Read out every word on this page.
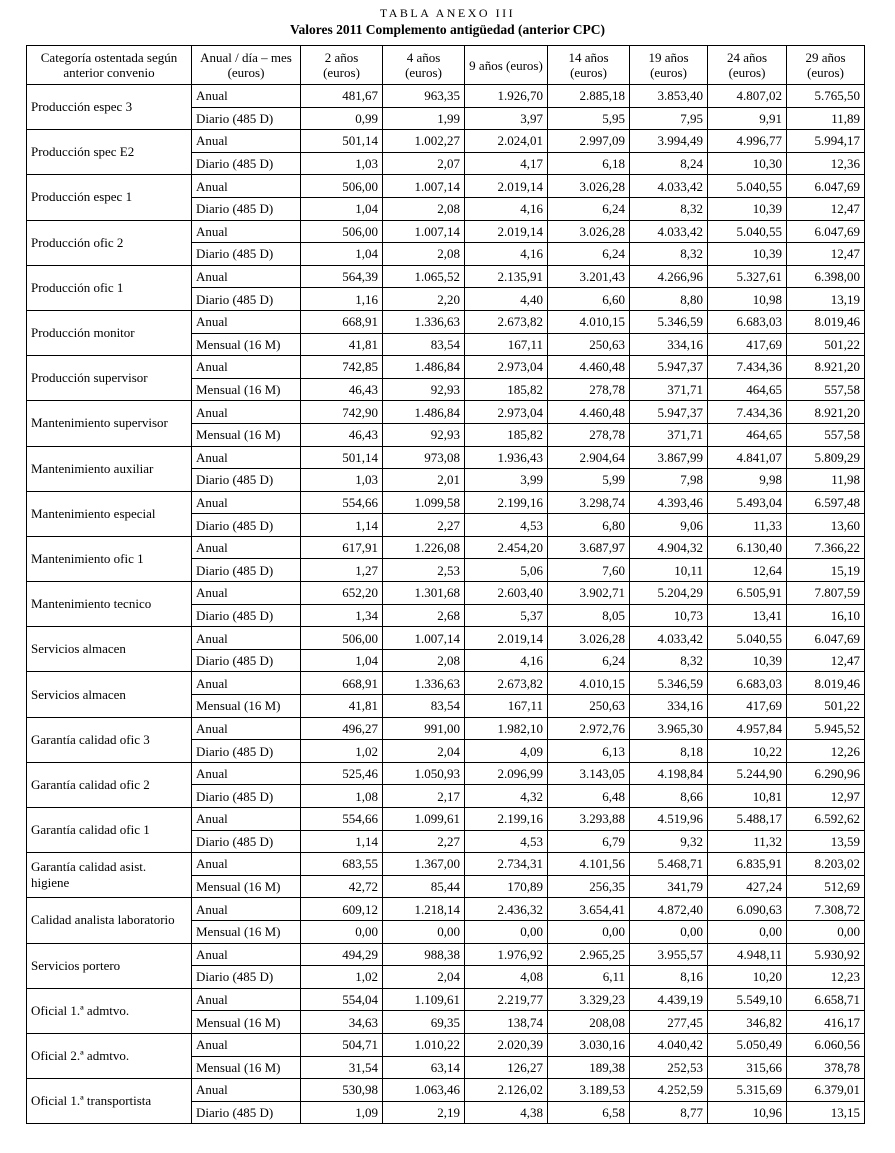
TABLA ANEXO III
Valores 2011 Complemento antigüedad (anterior CPC)
Categoría ostentada según anterior convenio	Anual / día – mes (euros)	2 años (euros)	4 años (euros)	9 años (euros)	14 años (euros)	19 años (euros)	24 años (euros)	29 años (euros)
Producción espec 3	Anual	481,67	963,35	1.926,70	2.885,18	3.853,40	4.807,02	5.765,50
	Diario (485 D)	0,99	1,99	3,97	5,95	7,95	9,91	11,89
Producción spec E2	Anual	501,14	1.002,27	2.024,01	2.997,09	3.994,49	4.996,77	5.994,17
	Diario (485 D)	1,03	2,07	4,17	6,18	8,24	10,30	12,36
Producción espec 1	Anual	506,00	1.007,14	2.019,14	3.026,28	4.033,42	5.040,55	6.047,69
	Diario (485 D)	1,04	2,08	4,16	6,24	8,32	10,39	12,47
Producción ofic 2	Anual	506,00	1.007,14	2.019,14	3.026,28	4.033,42	5.040,55	6.047,69
	Diario (485 D)	1,04	2,08	4,16	6,24	8,32	10,39	12,47
Producción ofic 1	Anual	564,39	1.065,52	2.135,91	3.201,43	4.266,96	5.327,61	6.398,00
	Diario (485 D)	1,16	2,20	4,40	6,60	8,80	10,98	13,19
Producción monitor	Anual	668,91	1.336,63	2.673,82	4.010,15	5.346,59	6.683,03	8.019,46
	Mensual (16 M)	41,81	83,54	167,11	250,63	334,16	417,69	501,22
Producción supervisor	Anual	742,85	1.486,84	2.973,04	4.460,48	5.947,37	7.434,36	8.921,20
	Mensual (16 M)	46,43	92,93	185,82	278,78	371,71	464,65	557,58
Mantenimiento supervisor	Anual	742,90	1.486,84	2.973,04	4.460,48	5.947,37	7.434,36	8.921,20
	Mensual (16 M)	46,43	92,93	185,82	278,78	371,71	464,65	557,58
Mantenimiento auxiliar	Anual	501,14	973,08	1.936,43	2.904,64	3.867,99	4.841,07	5.809,29
	Diario (485 D)	1,03	2,01	3,99	5,99	7,98	9,98	11,98
Mantenimiento especial	Anual	554,66	1.099,58	2.199,16	3.298,74	4.393,46	5.493,04	6.597,48
	Diario (485 D)	1,14	2,27	4,53	6,80	9,06	11,33	13,60
Mantenimiento ofic 1	Anual	617,91	1.226,08	2.454,20	3.687,97	4.904,32	6.130,40	7.366,22
	Diario (485 D)	1,27	2,53	5,06	7,60	10,11	12,64	15,19
Mantenimiento tecnico	Anual	652,20	1.301,68	2.603,40	3.902,71	5.204,29	6.505,91	7.807,59
	Diario (485 D)	1,34	2,68	5,37	8,05	10,73	13,41	16,10
Servicios almacen	Anual	506,00	1.007,14	2.019,14	3.026,28	4.033,42	5.040,55	6.047,69
	Diario (485 D)	1,04	2,08	4,16	6,24	8,32	10,39	12,47
Servicios almacen	Anual	668,91	1.336,63	2.673,82	4.010,15	5.346,59	6.683,03	8.019,46
	Mensual (16 M)	41,81	83,54	167,11	250,63	334,16	417,69	501,22
Garantía calidad ofic 3	Anual	496,27	991,00	1.982,10	2.972,76	3.965,30	4.957,84	5.945,52
	Diario (485 D)	1,02	2,04	4,09	6,13	8,18	10,22	12,26
Garantía calidad ofic 2	Anual	525,46	1.050,93	2.096,99	3.143,05	4.198,84	5.244,90	6.290,96
	Diario (485 D)	1,08	2,17	4,32	6,48	8,66	10,81	12,97
Garantía calidad ofic 1	Anual	554,66	1.099,61	2.199,16	3.293,88	4.519,96	5.488,17	6.592,62
	Diario (485 D)	1,14	2,27	4,53	6,79	9,32	11,32	13,59
Garantía calidad asist. higiene	Anual	683,55	1.367,00	2.734,31	4.101,56	5.468,71	6.835,91	8.203,02
	Mensual (16 M)	42,72	85,44	170,89	256,35	341,79	427,24	512,69
Calidad analista laboratorio	Anual	609,12	1.218,14	2.436,32	3.654,41	4.872,40	6.090,63	7.308,72
	Mensual (16 M)	0,00	0,00	0,00	0,00	0,00	0,00	0,00
Servicios portero	Anual	494,29	988,38	1.976,92	2.965,25	3.955,57	4.948,11	5.930,92
	Diario (485 D)	1,02	2,04	4,08	6,11	8,16	10,20	12,23
Oficial 1.ª admtvo.	Anual	554,04	1.109,61	2.219,77	3.329,23	4.439,19	5.549,10	6.658,71
	Mensual (16 M)	34,63	69,35	138,74	208,08	277,45	346,82	416,17
Oficial 2.ª admtvo.	Anual	504,71	1.010,22	2.020,39	3.030,16	4.040,42	5.050,49	6.060,56
	Mensual (16 M)	31,54	63,14	126,27	189,38	252,53	315,66	378,78
Oficial 1.ª transportista	Anual	530,98	1.063,46	2.126,02	3.189,53	4.252,59	5.315,69	6.379,01
	Diario (485 D)	1,09	2,19	4,38	6,58	8,77	10,96	13,15
